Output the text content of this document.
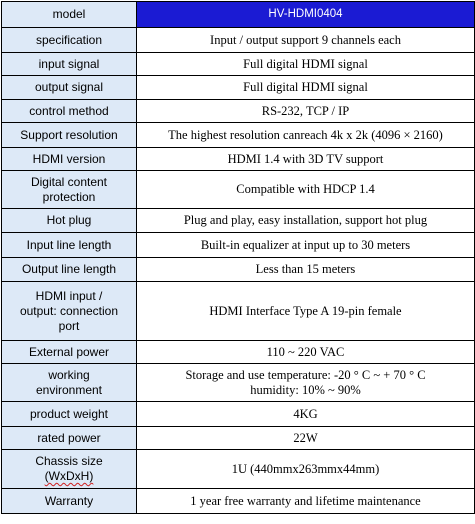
model	HV-HDMI0404
specification	Input / output support 9 channels each
input signal	Full digital HDMI signal
output signal	Full digital HDMI signal
control method	RS-232, TCP / IP
Support resolution	The highest resolution canreach 4k x 2k (4096 × 2160)
HDMI version	HDMI 1.4 with 3D TV support

Digital content
protection	Compatible with HDCP 1.4
Hot plug	Plug and play, easy installation, support hot plug
Input line length	Built-in equalizer at input up to 30 meters
Output line length	Less than 15 meters

HDMI input /
output: connection
port	HDMI Interface Type A 19-pin female
External power	110 ~ 220 VAC

working
environment	Storage and use temperature: -20 ° C ~ + 70 ° C
humidity: 10% ~ 90%

product weight	4KG
rated power	22W

Chassis size
(WxDxH)	1U (440mmx263mmx44mm)
Warranty	1 year free warranty and lifetime maintenance
